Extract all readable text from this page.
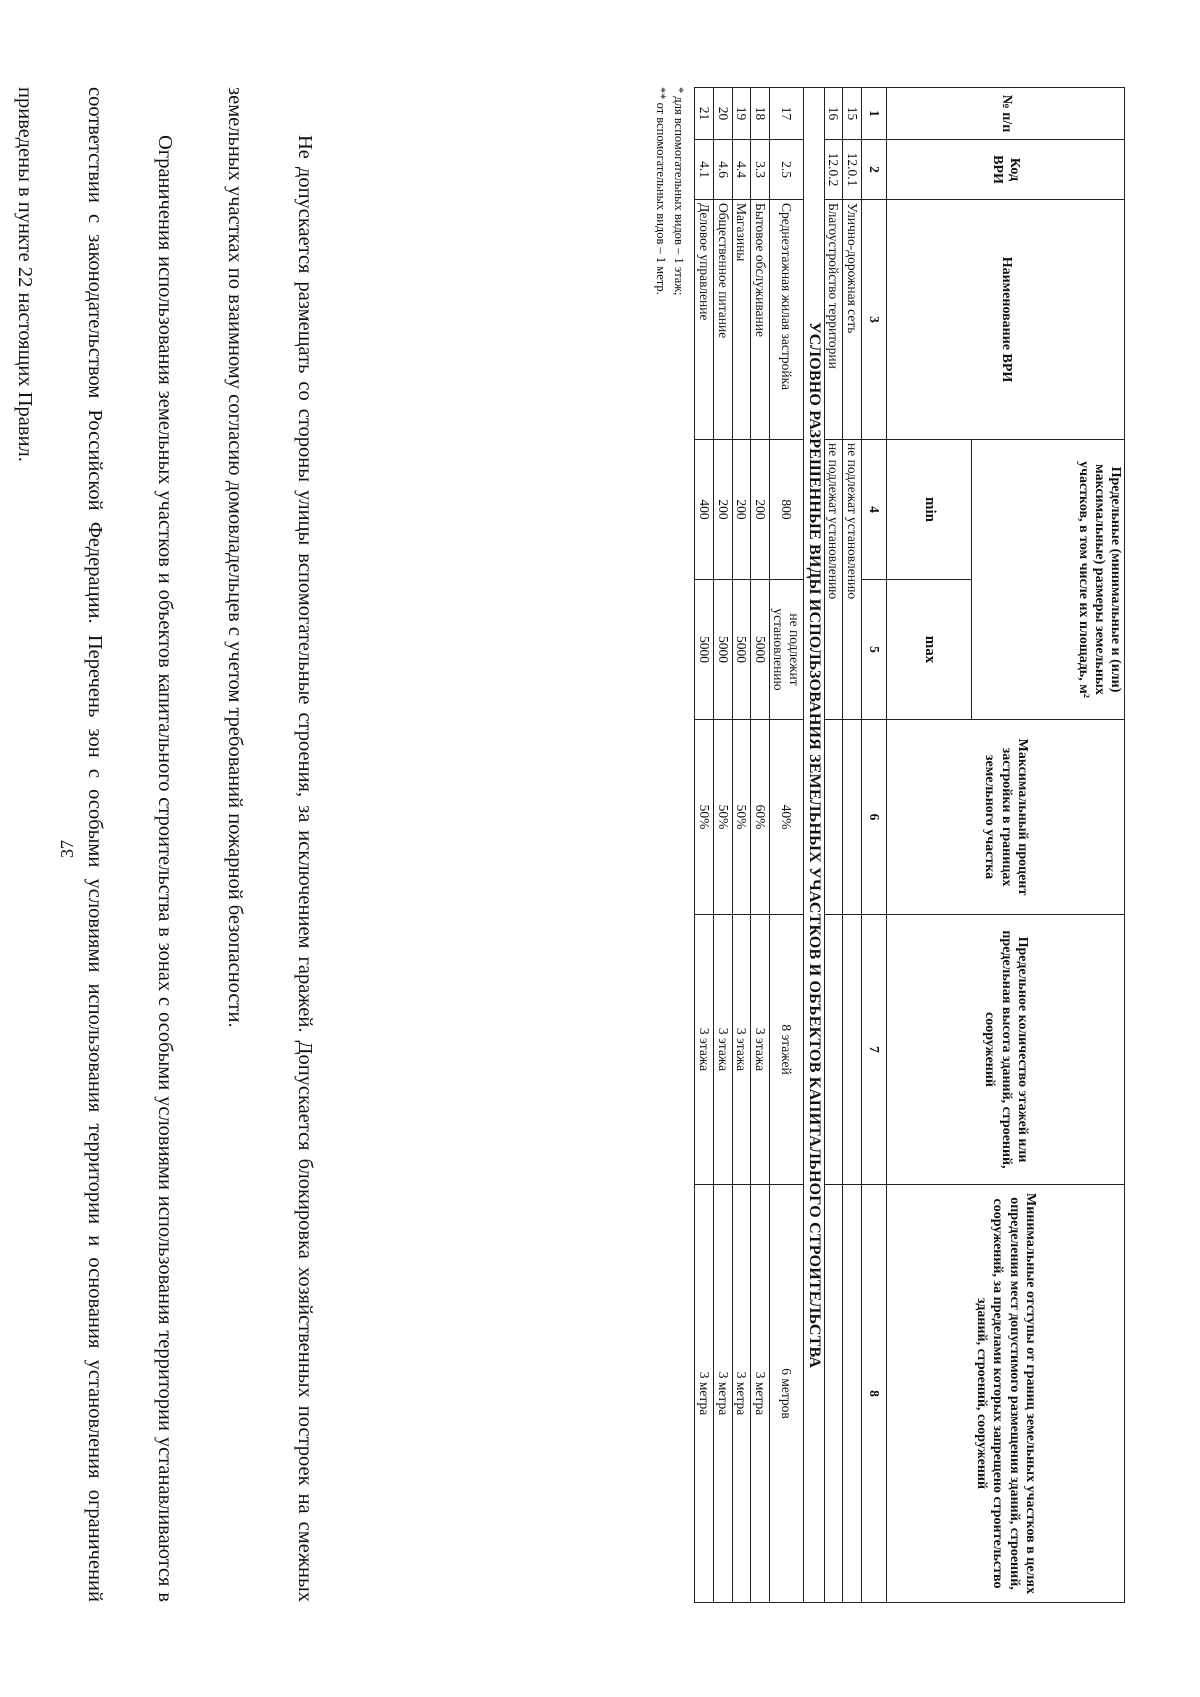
37
№ п/п	Код ВРИ	Наименование ВРИ	Предельные (минимальные и (или) максимальные) размеры земельных участков, в том числе их площадь, м²		Максимальный процент застройки в границах земельного участка	Предельное количество этажей или предельная высота зданий, строений, сооружений	Минимальные отступы от границ земельных участков в целях определения мест допустимого размещения зданий, строений, сооружений, за пределами которых запрещено строительство зданий, строений, сооружений
			min	max			
1	2	3	4	5	6	7	8
15	12.0.1	Улично-дорожная сеть	не подлежат установлению				
16	12.0.2	Благоустройство территории	не подлежат установлению				
УСЛОВНО РАЗРЕШЕННЫЕ ВИДЫ ИСПОЛЬЗОВАНИЯ ЗЕМЕЛЬНЫХ УЧАСТКОВ И ОБЪЕКТОВ КАПИТАЛЬНОГО СТРОИТЕЛЬСТВА							
17	2.5	Среднеэтажная жилая застройка	800	не подлежит установлению	40%	8 этажей	6 метров
18	3.3	Бытовое обслуживание	200	5000	60%	3 этажа	3 метра
19	4.4	Магазины	200	5000	50%	3 этажа	3 метра
20	4.6	Общественное питание	200	5000	50%	3 этажа	3 метра
21	4.1	Деловое управление	400	5000	50%	3 этажа	3 метра
* для вспомогательных видов – 1 этаж;
** от вспомогательных видов – 1 метр.

Не допускается размещать со стороны улицы вспомогательные строения, за исключением гаражей. Допускается блокировка хозяйственных построек на смежных земельных участках по взаимному согласию домовладельцев с учетом требований пожарной безопасности.

Ограничения использования земельных участков и объектов капитального строительства в зонах с особыми условиями использования территории устанавливаются в соответствии с законодательством Российской Федерации. Перечень зон с особыми условиями использования территории и основания установления ограничений приведены в пункте 22 настоящих Правил.
